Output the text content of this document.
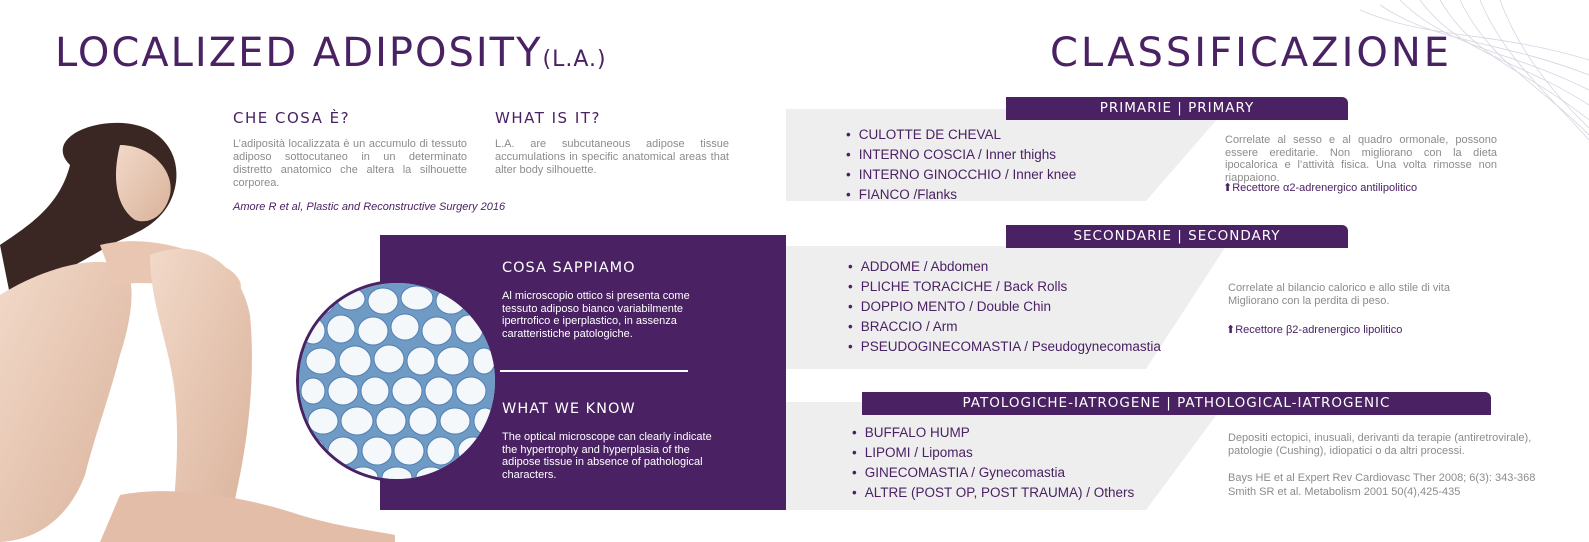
LOCALIZED ADIPOSITY(L.A.)	CLASSIFICAZIONE
CHE COSA È?
L’adiposità localizzata è un accumulo di tessuto adiposo sottocutaneo in un determinato distretto anatomico che altera la silhouette corporea.
WHAT IS IT?
L.A. are subcutaneous adipose tissue accumulations in specific anatomical areas that alter body silhouette.
Amore R et al, Plastic and Reconstructive Surgery 2016
COSA SAPPIAMO
Al microscopio ottico si presenta come tessuto adiposo bianco variabilmente ipertrofico e iperplastico, in assenza caratteristiche patologiche.
WHAT WE KNOW
The optical microscope can clearly indicate the hypertrophy and hyperplasia of the adipose tissue in absence of pathological characters.
PRIMARIE | PRIMARY
• CULOTTE DE CHEVAL
• INTERNO COSCIA / Inner thighs
• INTERNO GINOCCHIO / Inner knee
• FIANCO /Flanks
Correlate al sesso e al quadro ormonale, possono essere ereditarie. Non migliorano con la dieta ipocalorica e l’attività fisica. Una volta rimosse non riappaiono.
⬆Recettore α2-adrenergico antilipolitico
SECONDARIE | SECONDARY
• ADDOME / Abdomen
• PLICHE TORACICHE / Back Rolls
• DOPPIO MENTO / Double Chin
• BRACCIO / Arm
• PSEUDOGINECOMASTIA / Pseudogynecomastia
Correlate al bilancio calorico e allo stile di vita Migliorano con la perdita di peso.
⬆Recettore β2-adrenergico lipolitico
PATOLOGICHE-IATROGENE | PATHOLOGICAL-IATROGENIC
• BUFFALO HUMP
• LIPOMI / Lipomas
• GINECOMASTIA / Gynecomastia
• ALTRE (POST OP, POST TRAUMA) / Others
Depositi ectopici, inusuali, derivanti da terapie (antiretrovirale), patologie (Cushing), idiopatici o da altri processi.
Bays HE et al Expert Rev Cardiovasc Ther 2008; 6(3): 343-368
Smith SR et al. Metabolism 2001 50(4),425-435
